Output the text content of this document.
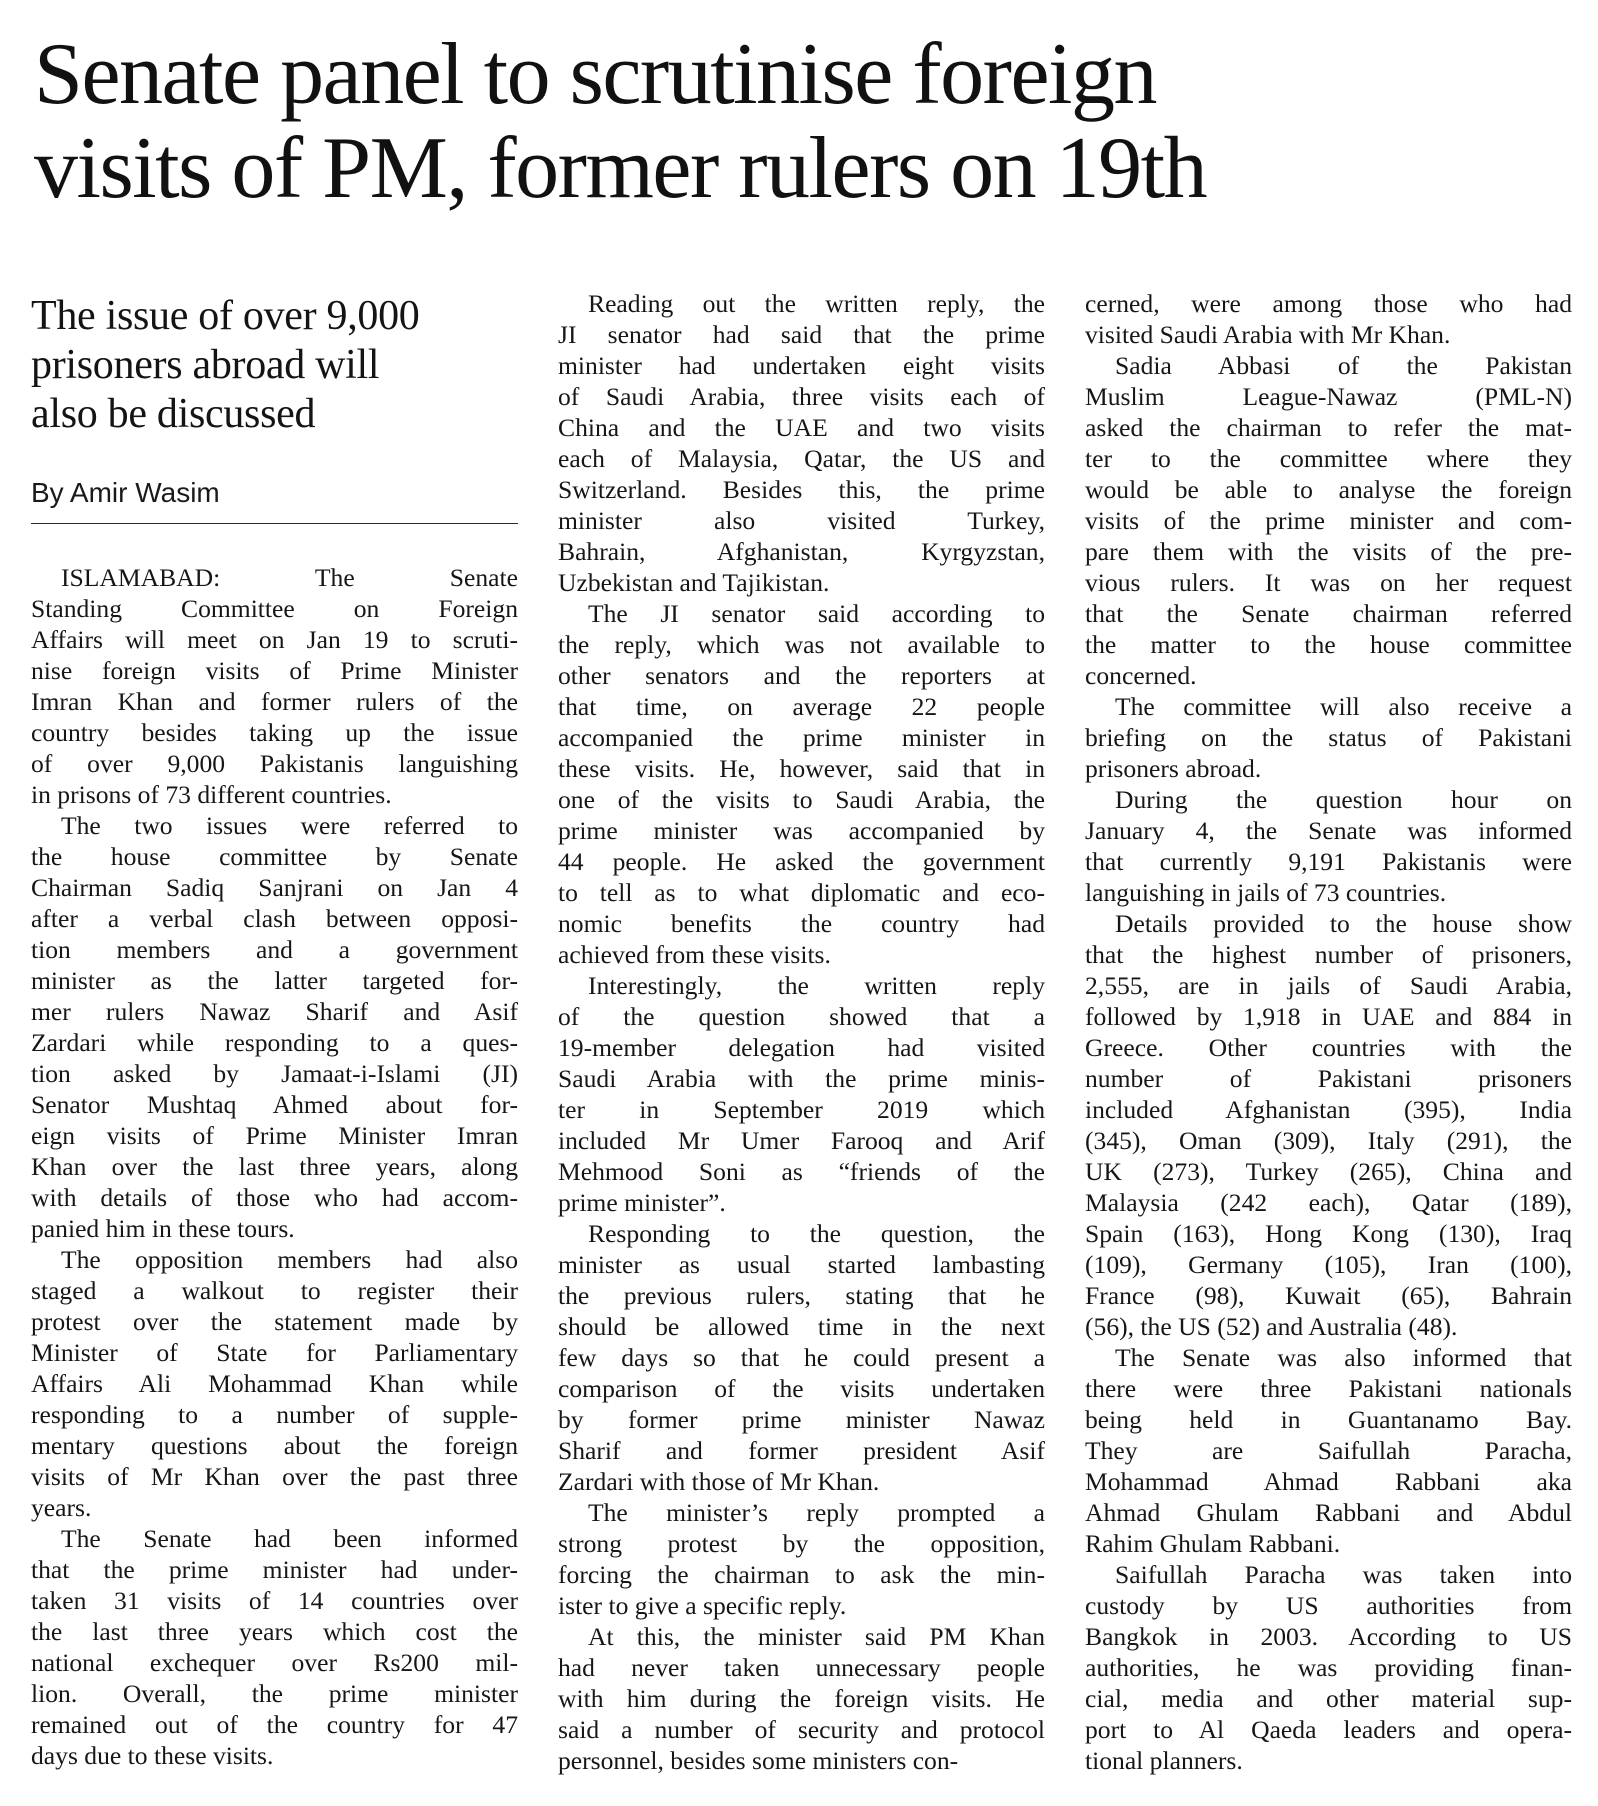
Senate panel to scrutinise foreign
visits of PM, former rulers on 19th
The issue of over 9,000
prisoners abroad will
also be discussed
By Amir Wasim
ISLAMABAD: The Senate
Standing Committee on Foreign
Affairs will meet on Jan 19 to scruti-
nise foreign visits of Prime Minister
Imran Khan and former rulers of the
country besides taking up the issue
of over 9,000 Pakistanis languishing
in prisons of 73 different countries.
The two issues were referred to
the house committee by Senate
Chairman Sadiq Sanjrani on Jan 4
after a verbal clash between opposi-
tion members and a government
minister as the latter targeted for-
mer rulers Nawaz Sharif and Asif
Zardari while responding to a ques-
tion asked by Jamaat-i-Islami (JI)
Senator Mushtaq Ahmed about for-
eign visits of Prime Minister Imran
Khan over the last three years, along
with details of those who had accom-
panied him in these tours.
The opposition members had also
staged a walkout to register their
protest over the statement made by
Minister of State for Parliamentary
Affairs Ali Mohammad Khan while
responding to a number of supple-
mentary questions about the foreign
visits of Mr Khan over the past three
years.
The Senate had been informed
that the prime minister had under-
taken 31 visits of 14 countries over
the last three years which cost the
national exchequer over Rs200 mil-
lion. Overall, the prime minister
remained out of the country for 47
days due to these visits.
Reading out the written reply, the
JI senator had said that the prime
minister had undertaken eight visits
of Saudi Arabia, three visits each of
China and the UAE and two visits
each of Malaysia, Qatar, the US and
Switzerland. Besides this, the prime
minister also visited Turkey,
Bahrain, Afghanistan, Kyrgyzstan,
Uzbekistan and Tajikistan.
The JI senator said according to
the reply, which was not available to
other senators and the reporters at
that time, on average 22 people
accompanied the prime minister in
these visits. He, however, said that in
one of the visits to Saudi Arabia, the
prime minister was accompanied by
44 people. He asked the government
to tell as to what diplomatic and eco-
nomic benefits the country had
achieved from these visits.
Interestingly, the written reply
of the question showed that a
19-member delegation had visited
Saudi Arabia with the prime minis-
ter in September 2019 which
included Mr Umer Farooq and Arif
Mehmood Soni as “friends of the
prime minister”.
Responding to the question, the
minister as usual started lambasting
the previous rulers, stating that he
should be allowed time in the next
few days so that he could present a
comparison of the visits undertaken
by former prime minister Nawaz
Sharif and former president Asif
Zardari with those of Mr Khan.
The minister’s reply prompted a
strong protest by the opposition,
forcing the chairman to ask the min-
ister to give a specific reply.
At this, the minister said PM Khan
had never taken unnecessary people
with him during the foreign visits. He
said a number of security and protocol
personnel, besides some ministers con-
cerned, were among those who had
visited Saudi Arabia with Mr Khan.
Sadia Abbasi of the Pakistan
Muslim League-Nawaz (PML-N)
asked the chairman to refer the mat-
ter to the committee where they
would be able to analyse the foreign
visits of the prime minister and com-
pare them with the visits of the pre-
vious rulers. It was on her request
that the Senate chairman referred
the matter to the house committee
concerned.
The committee will also receive a
briefing on the status of Pakistani
prisoners abroad.
During the question hour on
January 4, the Senate was informed
that currently 9,191 Pakistanis were
languishing in jails of 73 countries.
Details provided to the house show
that the highest number of prisoners,
2,555, are in jails of Saudi Arabia,
followed by 1,918 in UAE and 884 in
Greece. Other countries with the
number of Pakistani prisoners
included Afghanistan (395), India
(345), Oman (309), Italy (291), the
UK (273), Turkey (265), China and
Malaysia (242 each), Qatar (189),
Spain (163), Hong Kong (130), Iraq
(109), Germany (105), Iran (100),
France (98), Kuwait (65), Bahrain
(56), the US (52) and Australia (48).
The Senate was also informed that
there were three Pakistani nationals
being held in Guantanamo Bay.
They are Saifullah Paracha,
Mohammad Ahmad Rabbani aka
Ahmad Ghulam Rabbani and Abdul
Rahim Ghulam Rabbani.
Saifullah Paracha was taken into
custody by US authorities from
Bangkok in 2003. According to US
authorities, he was providing finan-
cial, media and other material sup-
port to Al Qaeda leaders and opera-
tional planners.
